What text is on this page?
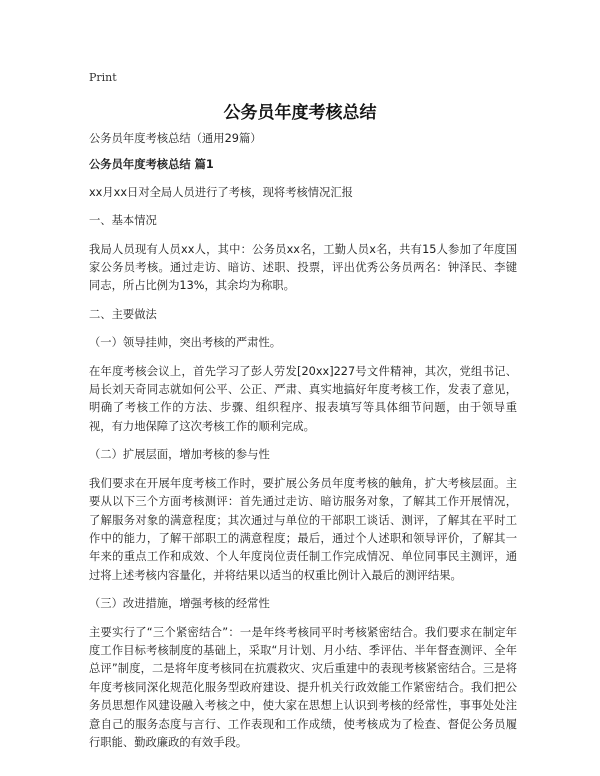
Print
公务员年度考核总结

公务员年度考核总结（通用29篇）

公务员年度考核总结 篇1

xx月xx日对全局人员进行了考核，现将考核情况汇报

一、基本情况

我局人员现有人员xx人，其中：公务员xx名，工勤人员x名，共有15人参加了年度国家公务员考核。通过走访、暗访、述职、投票，评出优秀公务员两名：钟泽民、李键同志，所占比例为13%，其余均为称职。

二、主要做法

（一）领导挂帅，突出考核的严肃性。

在年度考核会议上，首先学习了彭人劳发[20xx]227号文件精神，其次，党组书记、局长刘天奇同志就如何公平、公正、严肃、真实地搞好年度考核工作，发表了意见，明确了考核工作的方法、步骤、组织程序、报表填写等具体细节问题，由于领导重视，有力地保障了这次考核工作的顺利完成。

（二）扩展层面，增加考核的参与性

我们要求在开展年度考核工作时，要扩展公务员年度考核的触角，扩大考核层面。主要从以下三个方面考核测评：首先通过走访、暗访服务对象，了解其工作开展情况，了解服务对象的满意程度；其次通过与单位的干部职工谈话、测评，了解其在平时工作中的能力，了解干部职工的满意程度；最后，通过个人述职和领导评价，了解其一年来的重点工作和成效、个人年度岗位责任制工作完成情况、单位同事民主测评，通过将上述考核内容量化，并将结果以适当的权重比例计入最后的测评结果。

（三）改进措施，增强考核的经常性

主要实行了“三个紧密结合”：一是年终考核同平时考核紧密结合。我们要求在制定年度工作目标考核制度的基础上，采取“月计划、月小结、季评估、半年督查测评、全年总评”制度，二是将年度考核同在抗震救灾、灾后重建中的表现考核紧密结合。三是将年度考核同深化规范化服务型政府建设、提升机关行政效能工作紧密结合。我们把公务员思想作风建设融入考核之中，使大家在思想上认识到考核的经常性，事事处处注意自己的服务态度与言行、工作表现和工作成绩，使考核成为了检查、督促公务员履行职能、勤政廉政的有效手段。
